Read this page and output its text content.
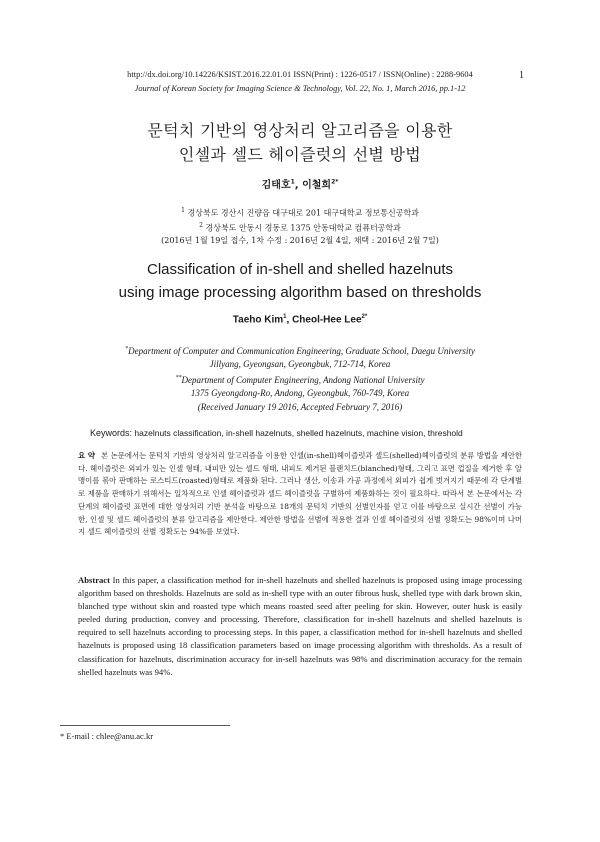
http://dx.doi.org/10.14226/KSIST.2016.22.01.01 ISSN(Print) : 1226-0517 / ISSN(Online) : 2288-9604	1
Journal of Korean Society for Imaging Science & Technology, Vol. 22, No. 1, March 2016, pp.1-12
문턱치 기반의 영상처리 알고리즘을 이용한
인셀과 셀드 헤이즐럿의 선별 방법
김태호$^1$, 이철희$^{2*}$
$^1$ 경상북도 경산시 진량읍 대구대로 201 대구대학교 정보통신공학과
$^2$ 경상북도 안동시 경동로 1375 안동대학교 컴퓨터공학과
(2016년 1월 19일 접수, 1차 수정 : 2016년 2월 4일, 채택 : 2016년 2월 7일)
Classification of in-shell and shelled hazelnuts
using image processing algorithm based on thresholds
Taeho Kim$^1$, Cheol-Hee Lee$^{2*}$
*Department of Computer and Communication Engineering, Graduate School, Daegu University
Jillyang, Gyeongsan, Gyeongbuk, 712-714, Korea
**Department of Computer Engineering, Andong National University
1375 Gyeongdong-Ro, Andong, Gyeongbuk, 760-749, Korea
(Received January 19 2016, Accepted February 7, 2016)
Keywords: hazelnuts classification, in-shell hazelnuts, shelled hazelnuts, machine vision, threshold
요 약 본 논문에서는 문턱치 기반의 영상처리 알고리즘을 이용한 인셀(in-shell)헤이즐럿과 셀드(shelled)헤이즐럿의 분류 방법을 제안한다. 헤이즐럿은 외피가 있는 인셀 형태, 내피만 있는 셀드 형태, 내피도 제거된 블랜치드(blanched)형태, 그리고 표면 껍질을 제거한 후 알맹이를 볶아 판매하는 로스티드(roasted)형태로 제품화 된다. 그러나 생산, 이송과 가공 과정에서 외피가 쉽게 벗겨지기 때문에 각 단계별로 제품을 판매하기 위해서는 일차적으로 인셀 헤이즐럿과 셀드 헤이즐럿을 구별하여 제품화하는 것이 필요하다. 따라서 본 논문에서는 각 단계의 헤이즐럿 표면에 대한 영상처리 기반 분석을 바탕으로 18개의 문턱치 기반의 선별인자를 얻고 이를 바탕으로 실시간 선별이 가능한, 인셀 및 셀드 헤이즐럿의 분류 알고리즘을 제안한다. 제안한 방법을 선별에 적용한 결과 인셀 헤이즐럿의 선별 정확도는 98%이며 나머지 셀드 헤이즐럿의 선별 정확도는 94%를 보였다.
Abstract In this paper, a classification method for in-shell hazelnuts and shelled hazelnuts is proposed using image processing algorithm based on thresholds. Hazelnuts are sold as in-shell type with an outer fibrous husk, shelled type with dark brown skin, blanched type without skin and roasted type which means roasted seed after peeling for skin. However, outer husk is easily peeled during production, convey and processing. Therefore, classification for in-shell hazelnuts and shelled hazelnuts is required to sell hazelnuts according to processing steps. In this paper, a classification method for in-shell hazelnuts and shelled hazelnuts is proposed using 18 classification parameters based on image processing algorithm with thresholds. As a result of classification for hazelnuts, discrimination accuracy for in-sell hazelnuts was 98% and discrimination accuracy for the remain shelled hazelnuts was 94%.
* E-mail : chlee@anu.ac.kr
